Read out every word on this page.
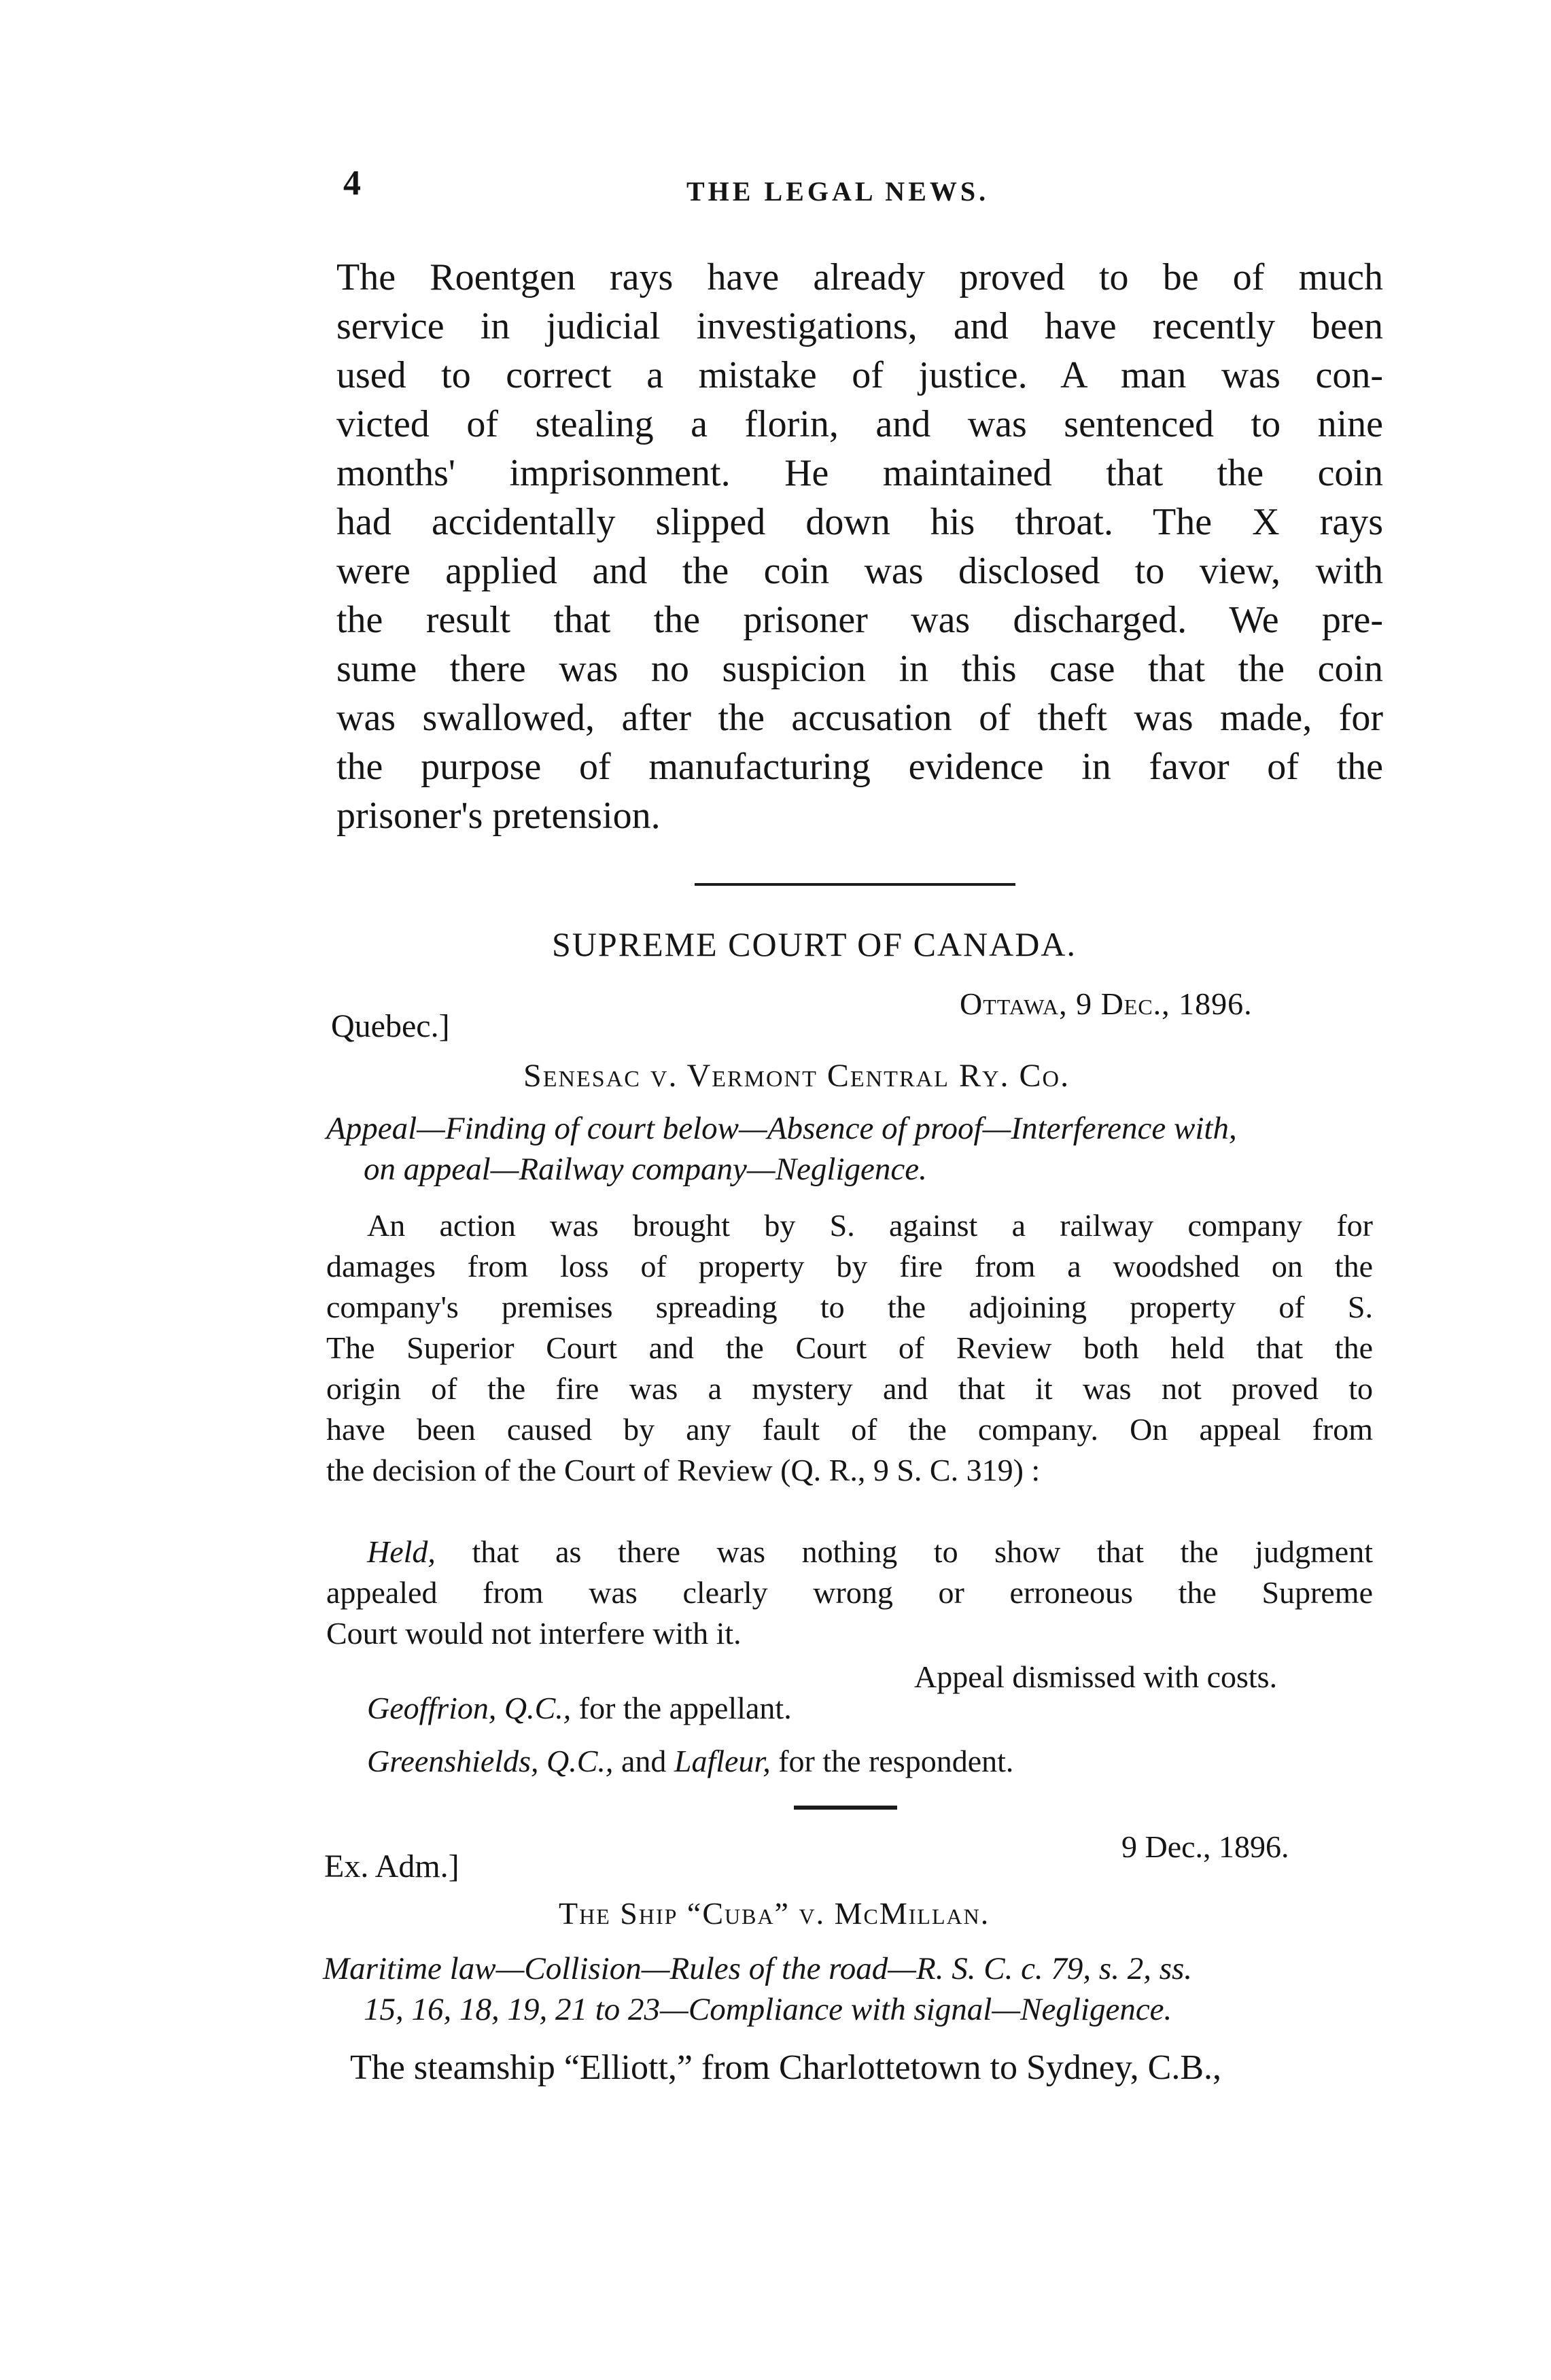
4	THE LEGAL NEWS.
The Roentgen rays have already proved to be of much
service in judicial investigations, and have recently been
used to correct a mistake of justice. A man was con-
victed of stealing a florin, and was sentenced to nine
months' imprisonment. He maintained that the coin
had accidentally slipped down his throat. The X rays
were applied and the coin was disclosed to view, with
the result that the prisoner was discharged. We pre-
sume there was no suspicion in this case that the coin
was swallowed, after the accusation of theft was made, for
the purpose of manufacturing evidence in favor of the
prisoner's pretension.
SUPREME COURT OF CANADA.
Quebec.]
Ottawa, 9 Dec., 1896.
Senesac v. Vermont Central Ry. Co.
Appeal—Finding of court below—Absence of proof—Interference with,
on appeal—Railway company—Negligence.
An action was brought by S. against a railway company for
damages from loss of property by fire from a woodshed on the
company's premises spreading to the adjoining property of S.
The Superior Court and the Court of Review both held that the
origin of the fire was a mystery and that it was not proved to
have been caused by any fault of the company. On appeal from
the decision of the Court of Review (Q. R., 9 S. C. 319) :
Held, that as there was nothing to show that the judgment
appealed from was clearly wrong or erroneous the Supreme
Court would not interfere with it.
Appeal dismissed with costs.
Geoffrion, Q.C., for the appellant.
Greenshields, Q.C., and Lafleur, for the respondent.
Ex. Adm.]
9 Dec., 1896.
The Ship “Cuba” v. McMillan.
Maritime law—Collision—Rules of the road—R. S. C. c. 79, s. 2, ss.
15, 16, 18, 19, 21 to 23—Compliance with signal—Negligence.
The steamship “Elliott,” from Charlottetown to Sydney, C.B.,
